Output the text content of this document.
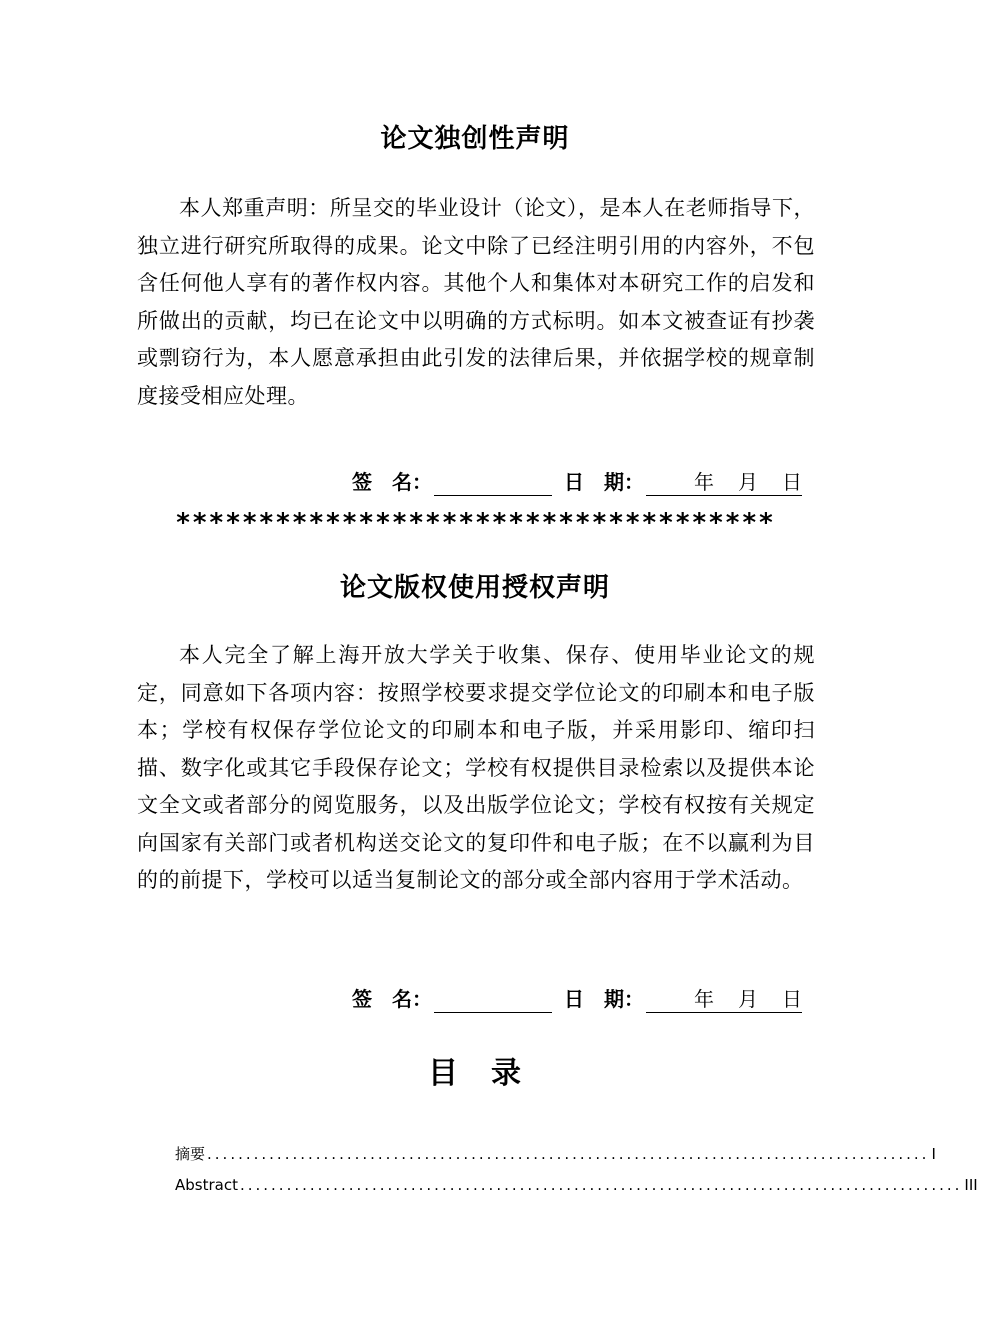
论文独创性声明
本人郑重声明：所呈交的毕业设计（论文），是本人在老师指导下，独立进行研究所取得的成果。论文中除了已经注明引用的内容外，不包含任何他人享有的著作权内容。其他个人和集体对本研究工作的启发和所做出的贡献，均已在论文中以明确的方式标明。如本文被查证有抄袭或剽窃行为，本人愿意承担由此引发的法律后果，并依据学校的规章制度接受相应处理。
签　名：	日　期：	年 月 日
************************************
论文版权使用授权声明
本人完全了解上海开放大学关于收集、保存、使用毕业论文的规定，同意如下各项内容：按照学校要求提交学位论文的印刷本和电子版本；学校有权保存学位论文的印刷本和电子版，并采用影印、缩印扫描、数字化或其它手段保存论文；学校有权提供目录检索以及提供本论文全文或者部分的阅览服务，以及出版学位论文；学校有权按有关规定向国家有关部门或者机构送交论文的复印件和电子版；在不以赢利为目的的前提下，学校可以适当复制论文的部分或全部内容用于学术活动。
签　名：	日　期：	年 月 日
目 录
摘要 ............................................................................................. I
Abstract ............................................................................................. III
